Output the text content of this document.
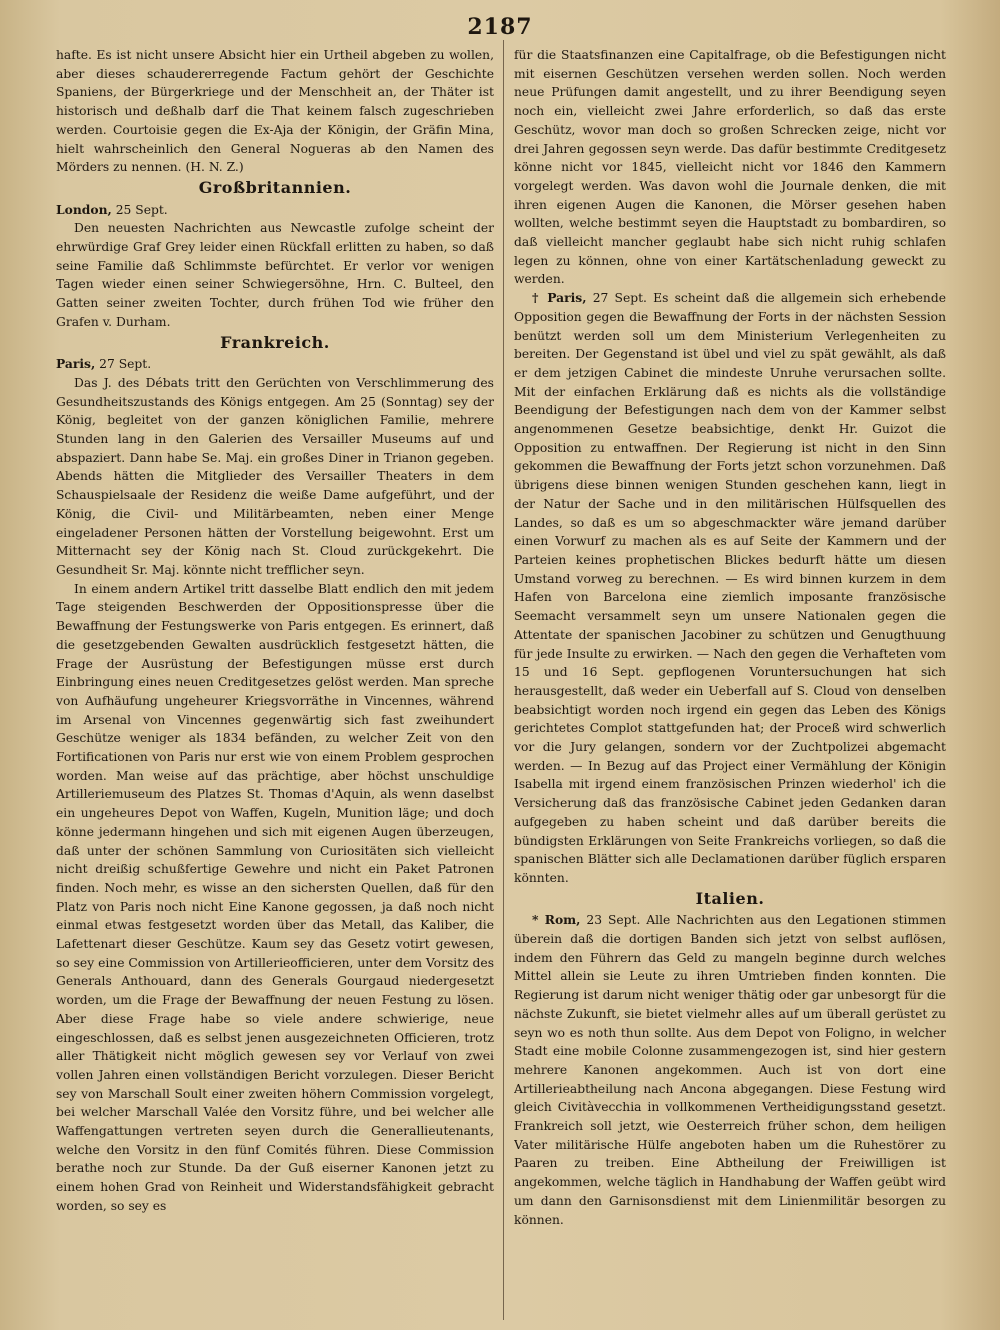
2187

hafte. Es ist nicht unsere Absicht hier ein Urtheil abgeben zu wollen, aber dieses schaudererregende Factum gehört der Geschichte Spaniens, der Bürgerkriege und der Menschheit an, der Thäter ist historisch und deßhalb darf die That keinem falsch zugeschrieben werden. Courtoisie gegen die Ex-Aja der Königin, der Gräfin Mina, hielt wahrscheinlich den General Nogueras ab den Namen des Mörders zu nennen. (H. N. Z.)

Großbritannien.

London, 25 Sept.

Den neuesten Nachrichten aus Newcastle zufolge scheint der ehrwürdige Graf Grey leider einen Rückfall erlitten zu haben, so daß seine Familie daß Schlimmste befürchtet. Er verlor vor wenigen Tagen wieder einen seiner Schwiegersöhne, Hrn. C. Bulteel, den Gatten seiner zweiten Tochter, durch frühen Tod wie früher den Grafen v. Durham.

Frankreich.

Paris, 27 Sept.

Das J. des Débats tritt den Gerüchten von Verschlimmerung des Gesundheitszustands des Königs entgegen. Am 25 (Sonntag) sey der König, begleitet von der ganzen königlichen Familie, mehrere Stunden lang in den Galerien des Versailler Museums auf und abspaziert. Dann habe Se. Maj. ein großes Diner in Trianon gegeben. Abends hätten die Mitglieder des Versailler Theaters in dem Schauspielsaale der Residenz die weiße Dame aufgeführt, und der König, die Civil- und Militärbeamten, neben einer Menge eingeladener Personen hätten der Vorstellung beigewohnt. Erst um Mitternacht sey der König nach St. Cloud zurückgekehrt. Die Gesundheit Sr. Maj. könnte nicht trefflicher seyn.

In einem andern Artikel tritt dasselbe Blatt endlich den mit jedem Tage steigenden Beschwerden der Oppositionspresse über die Bewaffnung der Festungswerke von Paris entgegen. Es erinnert, daß die gesetzgebenden Gewalten ausdrücklich festgesetzt hätten, die Frage der Ausrüstung der Befestigungen müsse erst durch Einbringung eines neuen Creditgesetzes gelöst werden. Man spreche von Aufhäufung ungeheurer Kriegsvorräthe in Vincennes, während im Arsenal von Vincennes gegenwärtig sich fast zweihundert Geschütze weniger als 1834 befänden, zu welcher Zeit von den Fortificationen von Paris nur erst wie von einem Problem gesprochen worden. Man weise auf das prächtige, aber höchst unschuldige Artilleriemuseum des Platzes St. Thomas d'Aquin, als wenn daselbst ein ungeheures Depot von Waffen, Kugeln, Munition läge; und doch könne jedermann hingehen und sich mit eigenen Augen überzeugen, daß unter der schönen Sammlung von Curiositäten sich vielleicht nicht dreißig schußfertige Gewehre und nicht ein Paket Patronen finden. Noch mehr, es wisse an den sichersten Quellen, daß für den Platz von Paris noch nicht Eine Kanone gegossen, ja daß noch nicht einmal etwas festgesetzt worden über das Metall, das Kaliber, die Lafettenart dieser Geschütze. Kaum sey das Gesetz votirt gewesen, so sey eine Commission von Artillerieofficieren, unter dem Vorsitz des Generals Anthouard, dann des Generals Gourgaud niedergesetzt worden, um die Frage der Bewaffnung der neuen Festung zu lösen. Aber diese Frage habe so viele andere schwierige, neue eingeschlossen, daß es selbst jenen ausgezeichneten Officieren, trotz aller Thätigkeit nicht möglich gewesen sey vor Verlauf von zwei vollen Jahren einen vollständigen Bericht vorzulegen. Dieser Bericht sey von Marschall Soult einer zweiten höhern Commission vorgelegt, bei welcher Marschall Valée den Vorsitz führe, und bei welcher alle Waffengattungen vertreten seyen durch die Generallieutenants, welche den Vorsitz in den fünf Comités führen. Diese Commission berathe noch zur Stunde. Da der Guß eiserner Kanonen jetzt zu einem hohen Grad von Reinheit und Widerstandsfähigkeit gebracht worden, so sey es

für die Staatsfinanzen eine Capitalfrage, ob die Befestigungen nicht mit eisernen Geschützen versehen werden sollen. Noch werden neue Prüfungen damit angestellt, und zu ihrer Beendigung seyen noch ein, vielleicht zwei Jahre erforderlich, so daß das erste Geschütz, wovor man doch so großen Schrecken zeige, nicht vor drei Jahren gegossen seyn werde. Das dafür bestimmte Creditgesetz könne nicht vor 1845, vielleicht nicht vor 1846 den Kammern vorgelegt werden. Was davon wohl die Journale denken, die mit ihren eigenen Augen die Kanonen, die Mörser gesehen haben wollten, welche bestimmt seyen die Hauptstadt zu bombardiren, so daß vielleicht mancher geglaubt habe sich nicht ruhig schlafen legen zu können, ohne von einer Kartätschenladung geweckt zu werden.

† Paris, 27 Sept. Es scheint daß die allgemein sich erhebende Opposition gegen die Bewaffnung der Forts in der nächsten Session benützt werden soll um dem Ministerium Verlegenheiten zu bereiten. Der Gegenstand ist übel und viel zu spät gewählt, als daß er dem jetzigen Cabinet die mindeste Unruhe verursachen sollte. Mit der einfachen Erklärung daß es nichts als die vollständige Beendigung der Befestigungen nach dem von der Kammer selbst angenommenen Gesetze beabsichtige, denkt Hr. Guizot die Opposition zu entwaffnen. Der Regierung ist nicht in den Sinn gekommen die Bewaffnung der Forts jetzt schon vorzunehmen. Daß übrigens diese binnen wenigen Stunden geschehen kann, liegt in der Natur der Sache und in den militärischen Hülfsquellen des Landes, so daß es um so abgeschmackter wäre jemand darüber einen Vorwurf zu machen als es auf Seite der Kammern und der Parteien keines prophetischen Blickes bedurft hätte um diesen Umstand vorweg zu berechnen. — Es wird binnen kurzem in dem Hafen von Barcelona eine ziemlich imposante französische Seemacht versammelt seyn um unsere Nationalen gegen die Attentate der spanischen Jacobiner zu schützen und Genugthuung für jede Insulte zu erwirken. — Nach den gegen die Verhafteten vom 15 und 16 Sept. gepflogenen Voruntersuchungen hat sich herausgestellt, daß weder ein Ueberfall auf S. Cloud von denselben beabsichtigt worden noch irgend ein gegen das Leben des Königs gerichtetes Complot stattgefunden hat; der Proceß wird schwerlich vor die Jury gelangen, sondern vor der Zuchtpolizei abgemacht werden. — In Bezug auf das Project einer Vermählung der Königin Isabella mit irgend einem französischen Prinzen wiederhol' ich die Versicherung daß das französische Cabinet jeden Gedanken daran aufgegeben zu haben scheint und daß darüber bereits die bündigsten Erklärungen von Seite Frankreichs vorliegen, so daß die spanischen Blätter sich alle Declamationen darüber füglich ersparen könnten.

Italien.

* Rom, 23 Sept. Alle Nachrichten aus den Legationen stimmen überein daß die dortigen Banden sich jetzt von selbst auflösen, indem den Führern das Geld zu mangeln beginne durch welches Mittel allein sie Leute zu ihren Umtrieben finden konnten. Die Regierung ist darum nicht weniger thätig oder gar unbesorgt für die nächste Zukunft, sie bietet vielmehr alles auf um überall gerüstet zu seyn wo es noth thun sollte. Aus dem Depot von Foligno, in welcher Stadt eine mobile Colonne zusammengezogen ist, sind hier gestern mehrere Kanonen angekommen. Auch ist von dort eine Artillerieabtheilung nach Ancona abgegangen. Diese Festung wird gleich Civitàvecchia in vollkommenen Vertheidigungsstand gesetzt. Frankreich soll jetzt, wie Oesterreich früher schon, dem heiligen Vater militärische Hülfe angeboten haben um die Ruhestörer zu Paaren zu treiben. Eine Abtheilung der Freiwilligen ist angekommen, welche täglich in Handhabung der Waffen geübt wird um dann den Garnisonsdienst mit dem Linienmilitär besorgen zu können.
